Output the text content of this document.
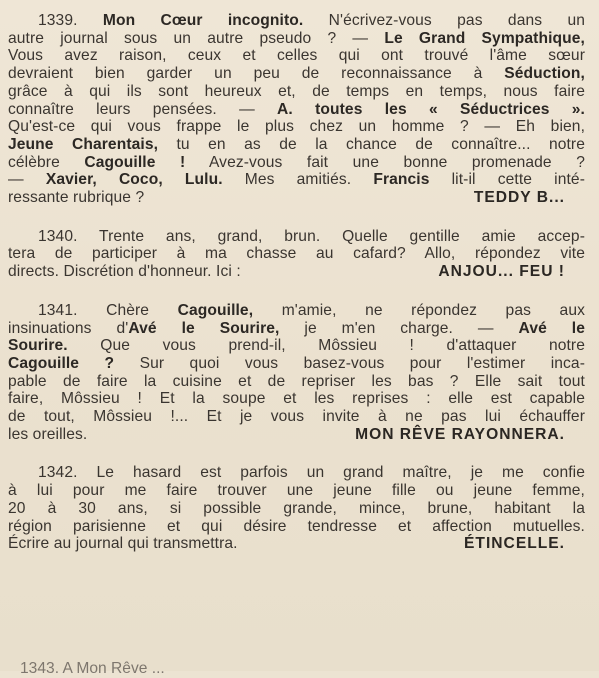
1339. Mon Cœur incognito. N'écrivez-vous pas dans un
autre journal sous un autre pseudo ? — Le Grand Sympathique,
Vous avez raison, ceux et celles qui ont trouvé l'âme sœur
devraient bien garder un peu de reconnaissance à Séduction,
grâce à qui ils sont heureux et, de temps en temps, nous faire
connaître leurs pensées. — A. toutes les « Séductrices ».
Qu'est-ce qui vous frappe le plus chez un homme ? — Eh bien,
Jeune Charentais, tu en as de la chance de connaître... notre
célèbre Cagouille ! Avez-vous fait une bonne promenade ?
— Xavier, Coco, Lulu. Mes amitiés. Francis lit-il cette inté-
ressante rubrique ?	TEDDY B...
1340. Trente ans, grand, brun. Quelle gentille amie accep-
tera de participer à ma chasse au cafard? Allo, répondez vite
directs. Discrétion d'honneur. Ici :	ANJOU... FEU !
1341. Chère Cagouille, m'amie, ne répondez pas aux
insinuations d'Avé le Sourire, je m'en charge. — Avé le
Sourire. Que vous prend-il, Môssieu ! d'attaquer notre
Cagouille ? Sur quoi vous basez-vous pour l'estimer inca-
pable de faire la cuisine et de repriser les bas ? Elle sait tout
faire, Môssieu ! Et la soupe et les reprises : elle est capable
de tout, Môssieu !... Et je vous invite à ne pas lui échauffer
les oreilles.	MON RÊVE RAYONNERA.
1342. Le hasard est parfois un grand maître, je me confie
à lui pour me faire trouver une jeune fille ou jeune femme,
20 à 30 ans, si possible grande, mince, brune, habitant la
région parisienne et qui désire tendresse et affection mutuelles.
Écrire au journal qui transmettra.	ÉTINCELLE.
1343. A Mon Rêve ...
